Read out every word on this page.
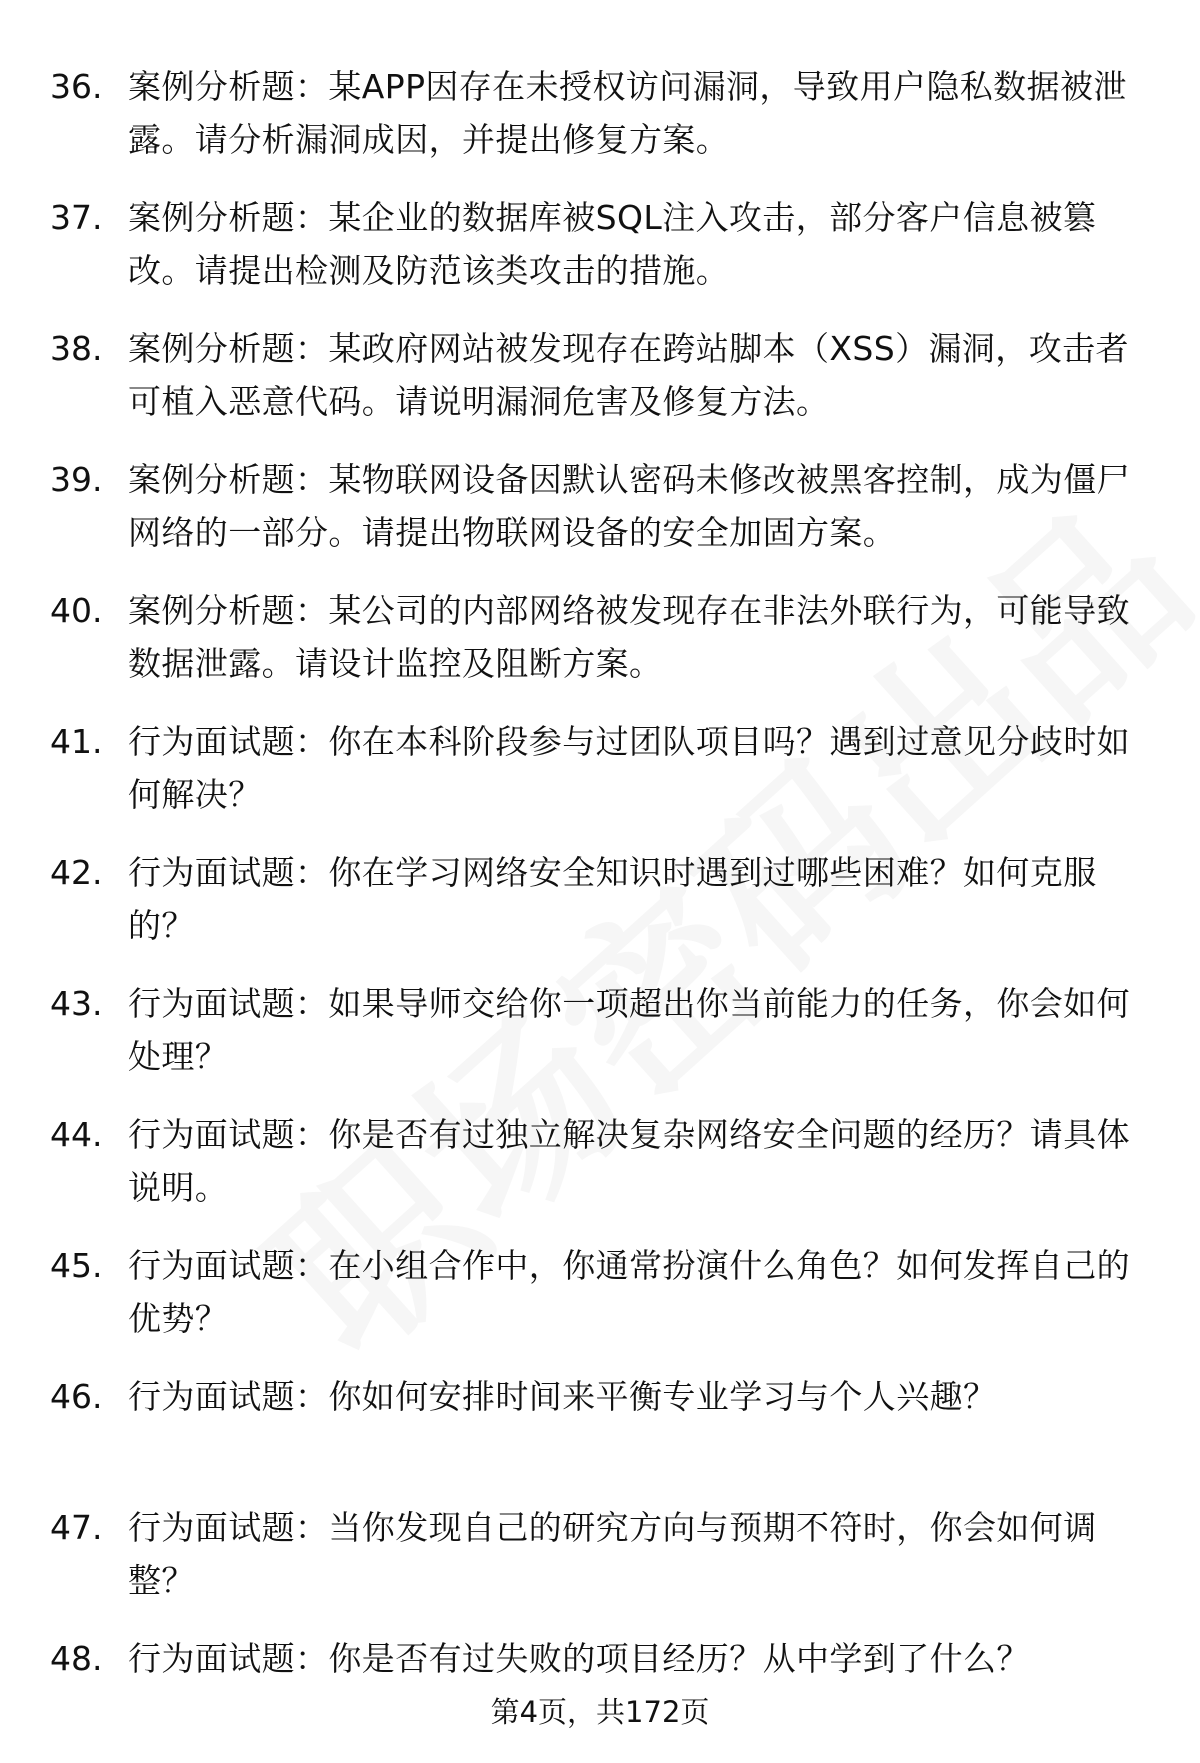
36. 案例分析题：某APP因存在未授权访问漏洞，导致用户隐私数据被泄露。请分析漏洞成因，并提出修复方案。
37. 案例分析题：某企业的数据库被SQL注入攻击，部分客户信息被篡改。请提出检测及防范该类攻击的措施。
38. 案例分析题：某政府网站被发现存在跨站脚本（XSS）漏洞，攻击者可植入恶意代码。请说明漏洞危害及修复方法。
39. 案例分析题：某物联网设备因默认密码未修改被黑客控制，成为僵尸网络的一部分。请提出物联网设备的安全加固方案。
40. 案例分析题：某公司的内部网络被发现存在非法外联行为，可能导致数据泄露。请设计监控及阻断方案。
41. 行为面试题：你在本科阶段参与过团队项目吗？遇到过意见分歧时如何解决？
42. 行为面试题：你在学习网络安全知识时遇到过哪些困难？如何克服的？
43. 行为面试题：如果导师交给你一项超出你当前能力的任务，你会如何处理？
44. 行为面试题：你是否有过独立解决复杂网络安全问题的经历？请具体说明。
45. 行为面试题：在小组合作中，你通常扮演什么角色？如何发挥自己的优势？
46. 行为面试题：你如何安排时间来平衡专业学习与个人兴趣？
47. 行为面试题：当你发现自己的研究方向与预期不符时，你会如何调整？
48. 行为面试题：你是否有过失败的项目经历？从中学到了什么？
第4页，共172页
